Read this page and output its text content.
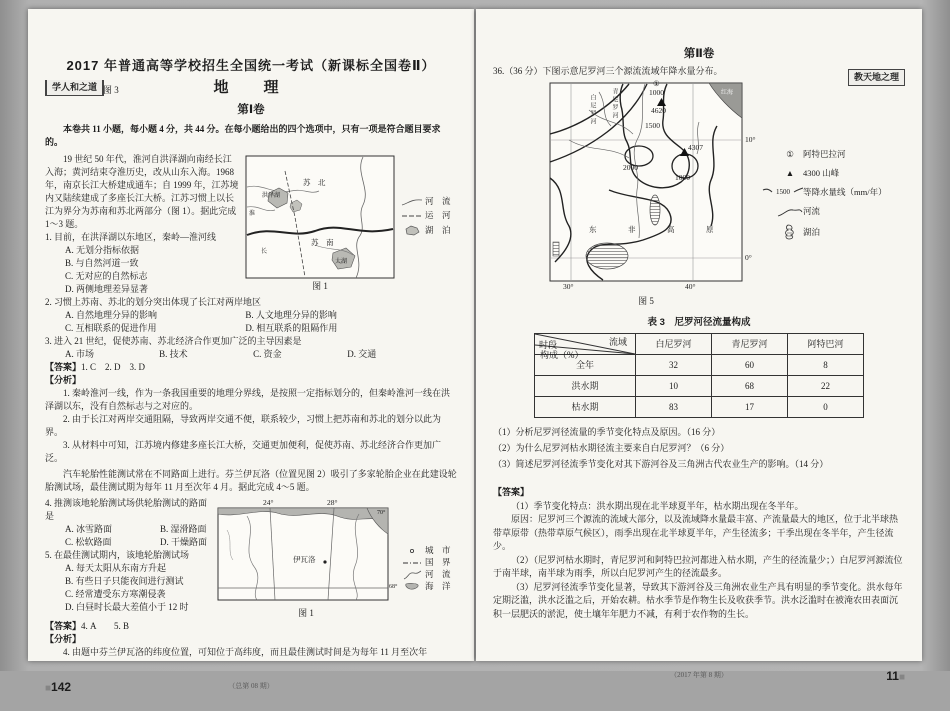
学人和之道
2017 年普通高等学校招生全国统一考试（新课标全国卷Ⅱ）
图 3	地　理
第Ⅰ卷

本卷共 11 小题，每小题 4 分，共 44 分。在每小题给出的四个选项中，只有一项是符合题目要求的。

苏　北
苏　南
洪泽湖
淮
长
太湖
图 1
河　流
运　河
湖　泊

19 世纪 50 年代，淮河自洪泽湖向南经长江入海；黄河结束夺淮历史，改从山东入海。1968 年，南京长江大桥建成通车；自 1999 年，江苏境内又陆续建成了多座长江大桥。江苏习惯上以长江为界分为苏南和苏北两部分（图 1）。据此完成 1～3 题。

1. 目前，在洪泽湖以东地区，秦岭—淮河线

A. 无划分指标依据

B. 与自然河道一致

C. 无对应的自然标志

D. 两侧地理差异显著

2. 习惯上苏南、苏北的划分突出体现了长江对两岸地区

A. 自然地理分异的影响	B. 人文地理分异的影响
C. 互相联系的促进作用	D. 相互联系的阻隔作用

3. 进入 21 世纪，促使苏南、苏北经济合作更加广泛的主导因素是

A. 市场	B. 技术	C. 资金	D. 交通

【答案】1. C　2. D　3. D

【分析】

1. 秦岭淮河一线，作为一条我国重要的地理分界线，是按照一定指标划分的，但秦岭淮河一线在洪泽湖以东，没有自然标志与之对应的。

2. 由于长江对两岸交通阻隔，导致两岸交通不便，联系较少，习惯上把苏南和苏北的划分以此为界。

3. 从材料中可知，江苏境内修建多座长江大桥，交通更加便利，促使苏南、苏北经济合作更加广泛。

汽车轮胎性能测试常在不同路面上进行。芬兰伊瓦洛（位置见图 2）吸引了多家轮胎企业在此建设轮胎测试场，最佳测试期为每年 11 月至次年 4 月。据此完成 4～5 题。

24°	28°
70°
68°
伊瓦洛
图 1
城　市
国　界
河　流
海　洋

4. 推测该地轮胎测试场供轮胎测试的路面是

A. 冰雪路面	B. 湿滑路面
C. 松软路面	D. 干燥路面

5. 在最佳测试期内，该地轮胎测试场

A. 每天太阳从东南方升起

B. 有些日子只能夜间进行测试

C. 经常遭受东方寒潮侵袭

D. 白昼时长最大差值小于 12 时

【答案】4. A　　5. B

【分析】

4. 由题中芬兰伊瓦洛的纬度位置，可知位于高纬度，而且最佳测试时间是为每年 11 月至次年

■142	（总第 08 期）
教天地之理
第Ⅱ卷

36.（36 分）下图示意尼罗河三个源流流域年降水量分布。

①
1000
4620
1500
2000
4307
1000
白尼罗河	青尼罗河
东　非　高　原
红海
30°	40°
10°
0°
图 5
①	阿特巴拉河
▲	4300 山峰
1500 等降水量线（mm/年）
河流
湖泊
表 3　尼罗河径流量构成
流域
构成（%）
时段	白尼罗河	青尼罗河	阿特巴河
全年	32	60	8
洪水期	10	68	22
枯水期	83	17	0

（1）分析尼罗河径流量的季节变化特点及原因。（16 分）

（2）为什么尼罗河枯水期径流主要来自白尼罗河？（6 分）

（3）简述尼罗河径流季节变化对其下游河谷及三角洲古代农业生产的影响。（14 分）

【答案】

（1）季节变化特点：洪水期出现在北半球夏半年，枯水期出现在冬半年。

原因：尼罗河三个源流的流域大部分，以及流域降水量最丰富、产流量最大的地区，位于北半球热带草原带（热带草原气候区），雨季出现在北半球夏半年，产生径流多；干季出现在冬半年，产生径流少。

（2）（尼罗河枯水期时，青尼罗河和阿特巴拉河都进入枯水期，产生的径流量少；）白尼罗河源流位于南半球，南半球为雨季，所以白尼罗河产生的径流最多。

（3）尼罗河径流季节变化显著，导致其下游河谷及三角洲农业生产具有明显的季节变化。洪水每年定期泛滥，洪水泛滥之后，开始农耕。枯水季节是作物生长及收获季节。洪水泛滥时在被淹农田表面沉积一层肥沃的淤泥，使土壤年年肥力不减，有利于农作物的生长。

11■
（2017 年第 8 期）
